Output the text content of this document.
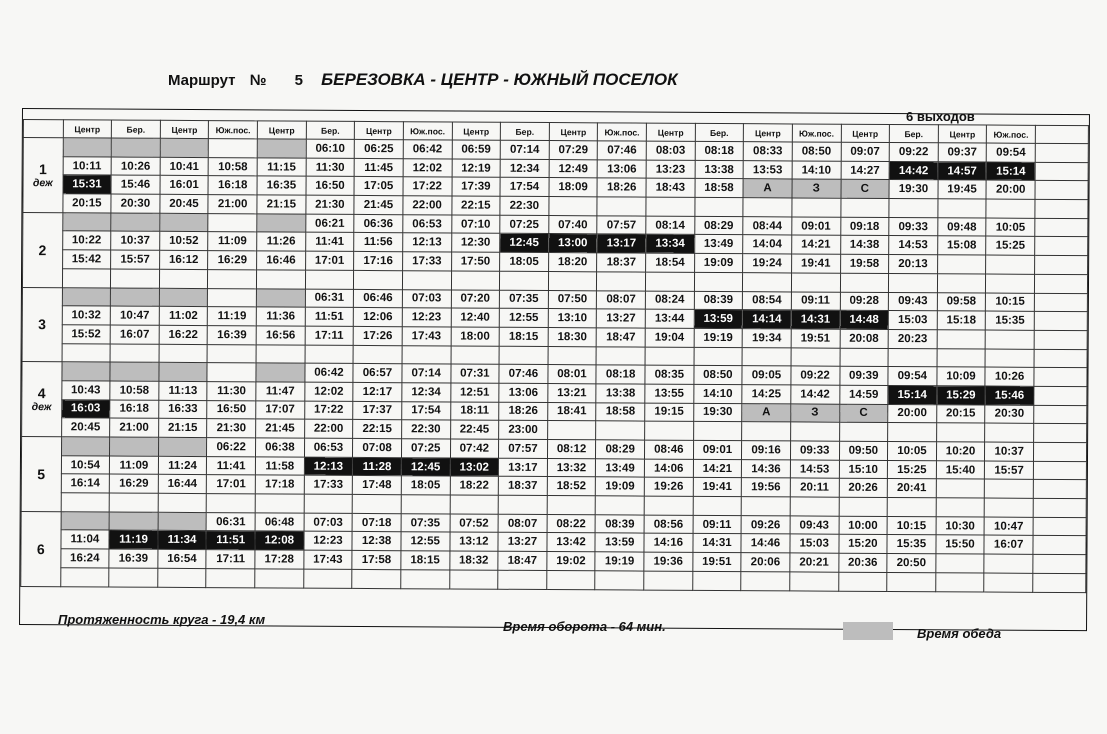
Маршрут № 5 БЕРЕЗОВКА - ЦЕНТР - ЮЖНЫЙ ПОСЕЛОК
6 выходов
	Центр	Бер.	Центр	Юж.пос.	Центр	Бер.	Центр	Юж.пос.	Центр	Бер.	Центр	Юж.пос.	Центр	Бер.	Центр	Юж.пос.	Центр	Бер.	Центр	Юж.пос.	
1
деж						06:10	06:25	06:42	06:59	07:14	07:29	07:46	08:03	08:18	08:33	08:50	09:07	09:22	09:37	09:54	
	10:11	10:26	10:41	10:58	11:15	11:30	11:45	12:02	12:19	12:34	12:49	13:06	13:23	13:38	13:53	14:10	14:27	14:42	14:57	15:14	
	15:31	15:46	16:01	16:18	16:35	16:50	17:05	17:22	17:39	17:54	18:09	18:26	18:43	18:58	А	З	С	19:30	19:45	20:00	
	20:15	20:30	20:45	21:00	21:15	21:30	21:45	22:00	22:15	22:30											
2						06:21	06:36	06:53	07:10	07:25	07:40	07:57	08:14	08:29	08:44	09:01	09:18	09:33	09:48	10:05	
	10:22	10:37	10:52	11:09	11:26	11:41	11:56	12:13	12:30	12:45	13:00	13:17	13:34	13:49	14:04	14:21	14:38	14:53	15:08	15:25	
	15:42	15:57	16:12	16:29	16:46	17:01	17:16	17:33	17:50	18:05	18:20	18:37	18:54	19:09	19:24	19:41	19:58	20:13			

3						06:31	06:46	07:03	07:20	07:35	07:50	08:07	08:24	08:39	08:54	09:11	09:28	09:43	09:58	10:15	
	10:32	10:47	11:02	11:19	11:36	11:51	12:06	12:23	12:40	12:55	13:10	13:27	13:44	13:59	14:14	14:31	14:48	15:03	15:18	15:35	
	15:52	16:07	16:22	16:39	16:56	17:11	17:26	17:43	18:00	18:15	18:30	18:47	19:04	19:19	19:34	19:51	20:08	20:23			

4
деж						06:42	06:57	07:14	07:31	07:46	08:01	08:18	08:35	08:50	09:05	09:22	09:39	09:54	10:09	10:26	
	10:43	10:58	11:13	11:30	11:47	12:02	12:17	12:34	12:51	13:06	13:21	13:38	13:55	14:10	14:25	14:42	14:59	15:14	15:29	15:46	
	16:03	16:18	16:33	16:50	17:07	17:22	17:37	17:54	18:11	18:26	18:41	18:58	19:15	19:30	А	З	С	20:00	20:15	20:30	
	20:45	21:00	21:15	21:30	21:45	22:00	22:15	22:30	22:45	23:00											
5				06:22	06:38	06:53	07:08	07:25	07:42	07:57	08:12	08:29	08:46	09:01	09:16	09:33	09:50	10:05	10:20	10:37	
	10:54	11:09	11:24	11:41	11:58	12:13	11:28	12:45	13:02	13:17	13:32	13:49	14:06	14:21	14:36	14:53	15:10	15:25	15:40	15:57	
	16:14	16:29	16:44	17:01	17:18	17:33	17:48	18:05	18:22	18:37	18:52	19:09	19:26	19:41	19:56	20:11	20:26	20:41			

6				06:31	06:48	07:03	07:18	07:35	07:52	08:07	08:22	08:39	08:56	09:11	09:26	09:43	10:00	10:15	10:30	10:47	
	11:04	11:19	11:34	11:51	12:08	12:23	12:38	12:55	13:12	13:27	13:42	13:59	14:16	14:31	14:46	15:03	15:20	15:35	15:50	16:07	
	16:24	16:39	16:54	17:11	17:28	17:43	17:58	18:15	18:32	18:47	19:02	19:19	19:36	19:51	20:06	20:21	20:36	20:50			

Протяженность круга - 19,4 км	Время оборота - 64 мин.	Время обеда
